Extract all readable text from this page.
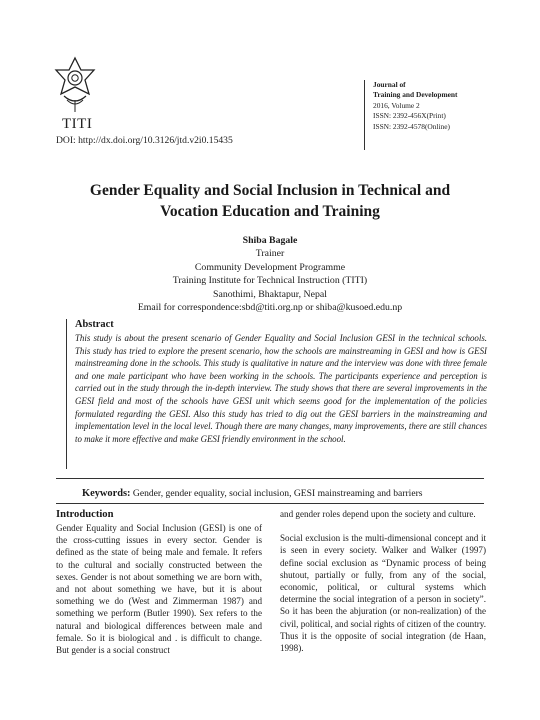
TITI
DOI: http://dx.doi.org/10.3126/jtd.v2i0.15435
Journal of
Training and Development
2016, Volume 2
ISSN: 2392-456X(Print)
ISSN: 2392-4578(Online)
Gender Equality and Social Inclusion in Technical and Vocation Education and Training
Shiba Bagale
Trainer
Community Development Programme
Training Institute for Technical Instruction (TITI)
Sanothimi, Bhaktapur, Nepal
Email for correspondence:sbd@titi.org.np or shiba@kusoed.edu.np
Abstract

This study is about the present scenario of Gender Equality and Social Inclusion GESI in the technical schools. This study has tried to explore the present scenario, how the schools are mainstreaming in GESI and how is GESI mainstreaming done in the schools. This study is qualitative in nature and the interview was done with three female and one male participant who have been working in the schools. The participants experience and perception is carried out in the study through the in-depth interview. The study shows that there are several improvements in the GESI field and most of the schools have GESI unit which seems good for the implementation of the policies formulated regarding the GESI. Also this study has tried to dig out the GESI barriers in the mainstreaming and implementation level in the local level. Though there are many changes, many improvements, there are still chances to make it more effective and make GESI friendly environment in the school.

Keywords: Gender, gender equality, social inclusion, GESI mainstreaming and barriers
Introduction

Gender Equality and Social Inclusion (GESI) is one of the cross-cutting issues in every sector. Gender is defined as the state of being male and female. It refers to the cultural and socially constructed between the sexes. Gender is not about something we are born with, and not about something we have, but it is about something we do (West and Zimmerman 1987) and something we perform (Butler 1990). Sex refers to the natural and biological differences between male and female. So it is biological and . is difficult to change. But gender is a social construct

and gender roles depend upon the society and culture.

Social exclusion is the multi-dimensional concept and it is seen in every society. Walker and Walker (1997) define social exclusion as “Dynamic process of being shutout, partially or fully, from any of the social, economic, political, or cultural systems which determine the social integration of a person in society”. So it has been the abjuration (or non-realization) of the civil, political, and social rights of citizen of the country. Thus it is the opposite of social integration (de Haan, 1998).
